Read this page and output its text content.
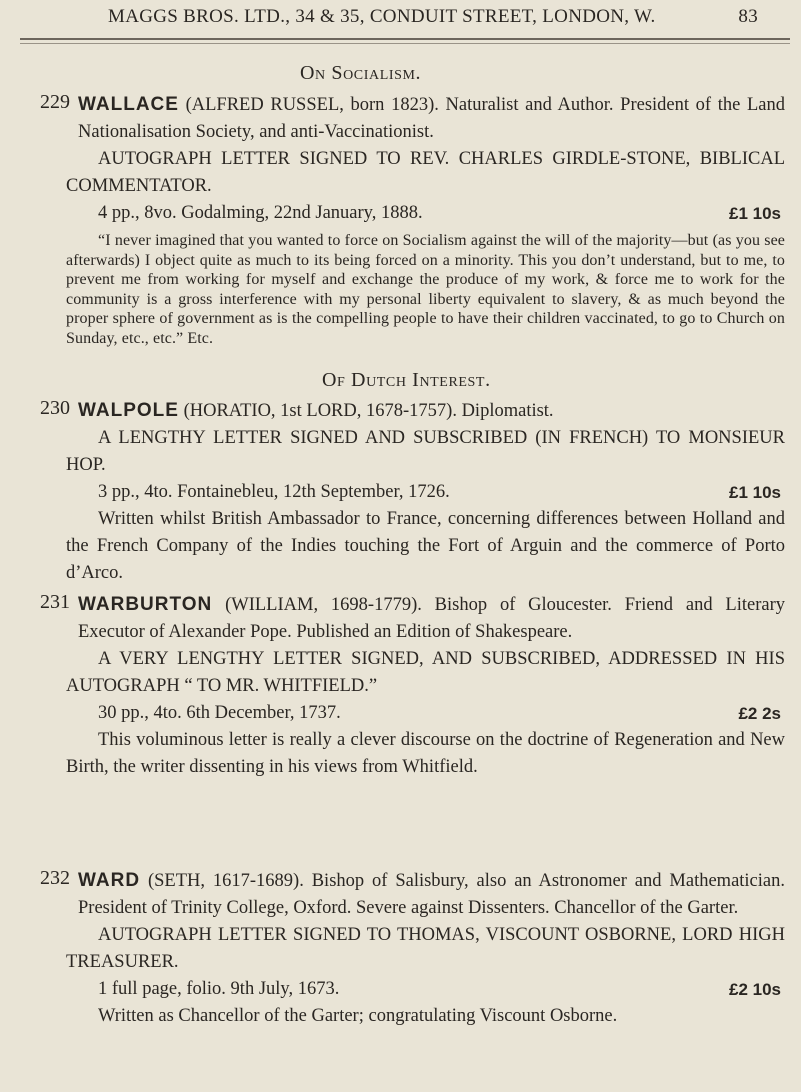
MAGGS BROS. LTD., 34 & 35, CONDUIT STREET, LONDON, W.	83
On Socialism.
229 WALLACE (ALFRED RUSSEL, born 1823). Naturalist and Author. President of the Land Nationalisation Society, and anti-Vaccinationist.

AUTOGRAPH LETTER SIGNED TO REV. CHARLES GIRDLE-STONE, BIBLICAL COMMENTATOR.

4 pp., 8vo. Godalming, 22nd January, 1888.	£1 10s

“I never imagined that you wanted to force on Socialism against the will of the majority—but (as you see afterwards) I object quite as much to its being forced on a minority. This you don’t understand, but to me, to prevent me from working for myself and exchange the produce of my work, & force me to work for the community is a gross interference with my personal liberty equivalent to slavery, & as much beyond the proper sphere of government as is the compelling people to have their children vaccinated, to go to Church on Sunday, etc., etc.” Etc.

Of Dutch Interest.
230 WALPOLE (HORATIO, 1st LORD, 1678-1757). Diplomatist.

A LENGTHY LETTER SIGNED AND SUBSCRIBED (IN FRENCH) TO MONSIEUR HOP.

3 pp., 4to. Fontainebleu, 12th September, 1726.	£1 10s

Written whilst British Ambassador to France, concerning differences between Holland and the French Company of the Indies touching the Fort of Arguin and the commerce of Porto d’Arco.

231 WARBURTON (WILLIAM, 1698-1779). Bishop of Gloucester. Friend and Literary Executor of Alexander Pope. Published an Edition of Shakespeare.

A VERY LENGTHY LETTER SIGNED, AND SUBSCRIBED, ADDRESSED IN HIS AUTOGRAPH “ TO MR. WHITFIELD.”

30 pp., 4to. 6th December, 1737.	£2 2s

This voluminous letter is really a clever discourse on the doctrine of Regeneration and New Birth, the writer dissenting in his views from Whitfield.

232 WARD (SETH, 1617-1689). Bishop of Salisbury, also an Astronomer and Mathematician. President of Trinity College, Oxford. Severe against Dissenters. Chancellor of the Garter.

AUTOGRAPH LETTER SIGNED TO THOMAS, VISCOUNT OSBORNE, LORD HIGH TREASURER.

1 full page, folio. 9th July, 1673.	£2 10s

Written as Chancellor of the Garter; congratulating Viscount Osborne.
